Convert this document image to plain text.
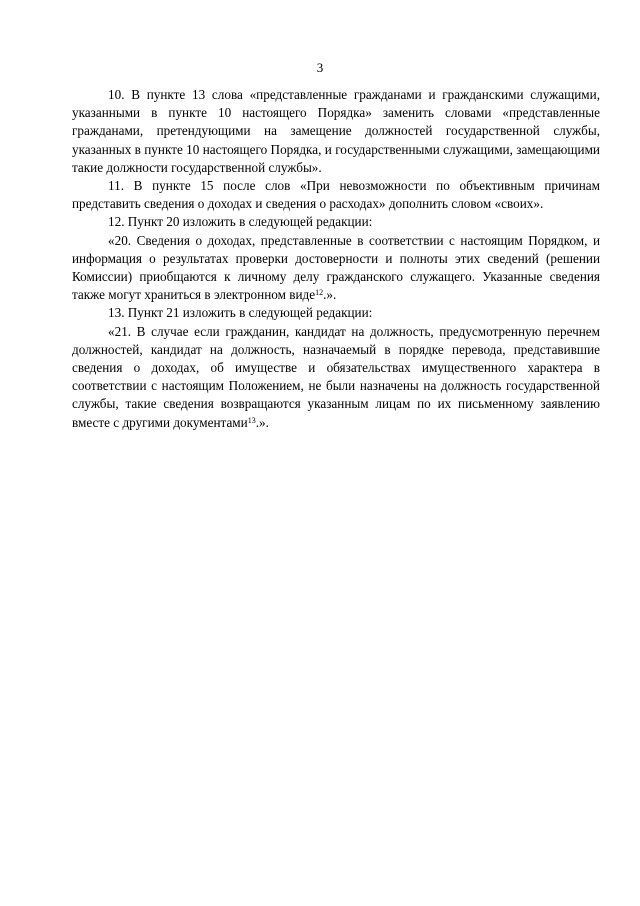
3

10. В пункте 13 слова «представленные гражданами и гражданскими служащими, указанными в пункте 10 настоящего Порядка» заменить словами «представленные гражданами, претендующими на замещение должностей государственной службы, указанных в пункте 10 настоящего Порядка, и государственными служащими, замещающими такие должности государственной службы».

11. В пункте 15 после слов «При невозможности по объективным причинам представить сведения о доходах и сведения о расходах» дополнить словом «своих».

12. Пункт 20 изложить в следующей редакции:

«20. Сведения о доходах, представленные в соответствии с настоящим Порядком, и информация о результатах проверки достоверности и полноты этих сведений (решении Комиссии) приобщаются к личному делу гражданского служащего. Указанные сведения также могут храниться в электронном виде$^{12}$.».

13. Пункт 21 изложить в следующей редакции:

«21. В случае если гражданин, кандидат на должность, предусмотренную перечнем должностей, кандидат на должность, назначаемый в порядке перевода, представившие сведения о доходах, об имуществе и обязательствах имущественного характера в соответствии с настоящим Положением, не были назначены на должность государственной службы, такие сведения возвращаются указанным лицам по их письменному заявлению вместе с другими документами$^{13}$.».
